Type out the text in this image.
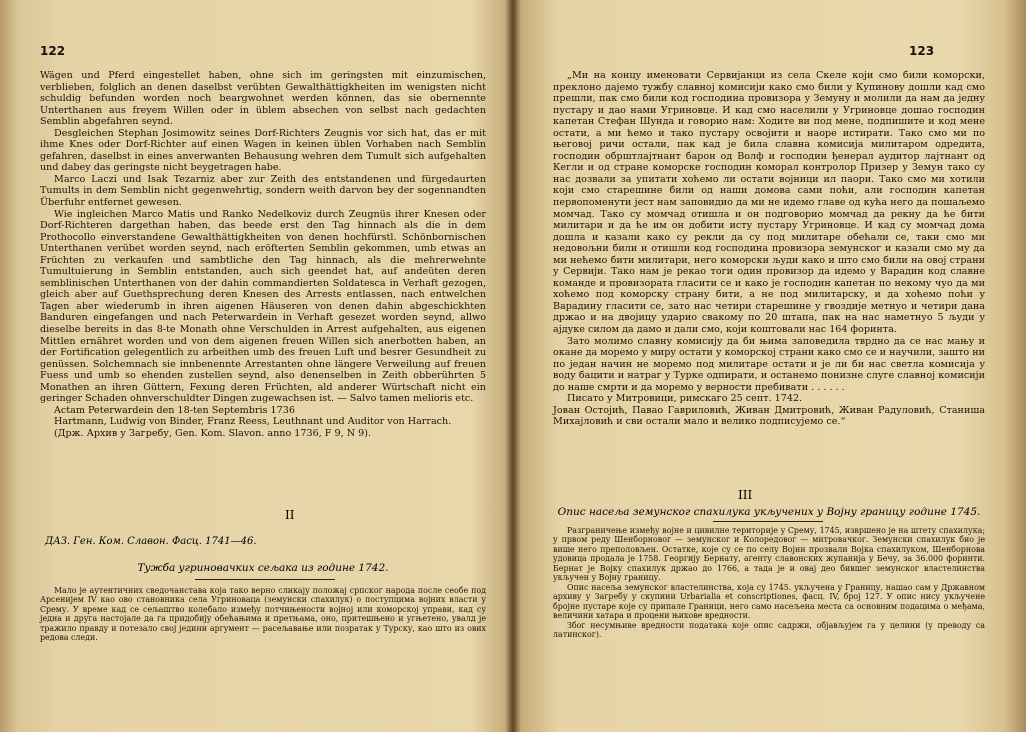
122

Wägen und Pferd eingestellet haben, ohne sich im geringsten mit einzumischen, verblieben, folglich an denen daselbst verübten Gewalthättigkheiten im wenigsten nicht schuldig befunden worden noch beargwohnet werden können, das sie obernennte Unterthanen aus freyem Willen oder in üblem absechen von selbst nach gedachten Semblin abgefahren seynd.

Desgleichen Stephan Josimowitz seines Dorf-Richters Zeugnis vor sich hat, das er mit ihme Knes oder Dorf-Richter auf einen Wagen in keinen üblen Vorhaben nach Semblin gefahren, daselbst in eines anverwanten Behausung wehren dem Tumult sich aufgehalten und dabey das geringste nicht beygetragen habe.

Marco Laczi und Isak Tezarniz aber zur Zeith des entstandenen und fürgedaurten Tumults in dem Semblin nicht gegenwehrtig, sondern weith darvon bey der sogennandten Überfuhr entfernet gewesen.

Wie ingleichen Marco Matis und Ranko Nedelkoviz durch Zeugnüs ihrer Knesen oder Dorf-Richteren dargethan haben, das beede erst den Tag hinnach als die in dem Prothocollo einverstandene Gewalthättigkheiten von denen hochfürstl. Schönbornischen Unterthanen verübet worden seynd, nach eröfterten Semblin gekommen, umb etwas an Früchten zu verkaufen und sambtliche den Tag hinnach, als die mehrerwehnte Tumultuierung in Semblin entstanden, auch sich geendet hat, auf andeüten deren semblinischen Unterthanen von der dahin commandierten Soldatesca in Verhaft gezogen, gleich aber auf Guethsprechung deren Knesen des Arrests entlassen, nach entwelchen Tagen aber wiederumb in ihren aigenen Häuseren von denen dahin abgeschickhten Banduren eingefangen und nach Peterwardein in Verhaft gesezet worden seynd, allwo dieselbe bereits in das 8-te Monath ohne Verschulden in Arrest aufgehalten, aus eigenen Mittlen ernähret worden und von dem aigenen freuen Willen sich anerbotten haben, an der Fortification gelegentlich zu arbeithen umb des freuen Luft und besrer Gesundheit zu genüssen. Solchemnach sie innbenennte Arrestanten ohne längere Verweilung auf freuen Fuess und umb so ehenden zustellen seynd, also denenselben in Zeith obberührten 5 Monathen an ihren Güttern, Fexung deren Früchten, ald anderer Würtschaft nicht ein geringer Schaden ohnverschuldter Dingen zugewachsen ist. — Salvo tamen melioris etc.

Actam Peterwardein den 18-ten Septembris 1736

Hartmann, Ludwig von Binder, Franz Reess, Leuthnant und Auditor von Harrach.

(Држ. Архив у Загребу, Gen. Kom. Slavon. anno 1736, F 9, N 9).

II
ДАЗ. Ген. Ком. Славон. Фасц. 1741—46.
Тужба угриновачких сељака из године 1742.

Мало је аутентичних сведочанстава која тако верно сликају положај српског народа после сеобе под Арсенијем IV као ово становника села Угриноваца (земунски спахилук) о поступцима војних власти у Срему. У време кад се сељаштво колебало између потчињености војној или коморској управи, кад су једна и друга настојале да га придобију обећањима и претњама, оно, притешњено и угњетено, увалд је тражило правду и потезало свој једини аргумент — расељавање или позратак у Турску, као што из ових редова следи.

123

„Ми на концу именовати Сервијанци из села Скеле који смо били коморски, преклоно дајемо тужбу славној комисији како смо били у Купиновy дошли кад смо прешли, пак смо били код господина провизора у Земуну и молили да нам да једну пустару и дао нами Угриновце. И кад смо населили у Угриновце дошао господин капетан Стефан Шунда и говорио нам: Ходите ви под мене, подпишите и код мене остати, а ми ћемо и тако пустару освојити и наоре истирати. Тако смо ми по његовој ричи остали, пак кад је била славна комисија милитаром одредита, господин обрштлајтнант барон од Волф и господин ђенерал аудитор лајтнант од Кегли и од стране коморске господин коморал контролор Призер у Земун тако су нас дозвали за упитати хоћемо ли остати војници ил паори. Тако смо ми хотили који смо старешине били од наши домова сами поћи, али господин капетан первопоменути јест нам заповидио да ми не идемо главе од кућа него да пошаљемо момчад. Тако су момчад отишла и он подговорио момчад да рекну да ће бити милитари и да ће им он добити исту пустару Угриновце. И кад су момчад дома дошла и казали како су рекли да су под милитаре обећали се, таки смо ми недовољни били и отишли код господина провизора земунског и казали смо му да ми нећемо бити милитари, него коморски људи како и што смо били на овој страни у Сервији. Тако нам је рекао тоги один провизор да идемо у Варадин код славне команде и провизората гласити се и како је господин капетан по некому чуо да ми хоћемо под коморску страну бити, а не под милитарску, и да хоћемо поћи у Варадину гласити се, зато нас четири старешине у гвоздије метнуо и четири дана држао и на двојицу ударио свакому по 20 штапа, пак на нас наметнуо 5 људи у ајдуке силом да дамо и дали смо, који коштовали нас 164 форинта.

Зато молимо славну комисију да би њима заповедила тврдно да се нас мању и окане да моремо у миру остати у коморској страни како смо се и научили, зашто ни по један начин не моремо под милитаре остати и је ли би нас светла комисија у воду бацити и натраг у Турке одпирати, и останемо понизне слуге славној комисији до наше смрти и да моремо у верности пребивати . . . . . .

Писато у Митровици, римскаго 25 септ. 1742.

Јован Остојић, Павао Гавриловић, Живан Дмитровић, Живан Радуловић, Станиша Михајловић и сви остали мало и велико подписујемо се.“

III
Опис насеља земунског спахилука укључених у Војну границу године 1745.

Разграничење између војне и цивилне територије у Срему, 1745, извршено је на штету спахилука; у првом реду Шенборновог — земунског и Колоредовог — митровачког. Земунски спахилук био је више него преполовљен. Остатке, које су се по селу Војни прозвали Војка спахилуком, Шенборнова удовица продала је 1758. Георгију Бернату, агенту славонских жупанија у Бечу, за 36.000 форинти. Бернат је Војку спахилук држао до 1766, а тада је и овај део бившег земунског властелинства укључен у Војну границу.

Опис насеља земунског властелинства, која су 1745. укључена у Границу, нашао сам у Државном архиву у Загребу у скупини Urbarialia et conscriptiones, фасц. IV, број 127. У опис нису укључене бројне пустаре које су припале Граници, него само насељена места са основним подацима о међама, величини хатара и процени њихове вредности.

Због несумњиве вредности података које опис садржи, објављујем га у целини (у преводу са латинског).
